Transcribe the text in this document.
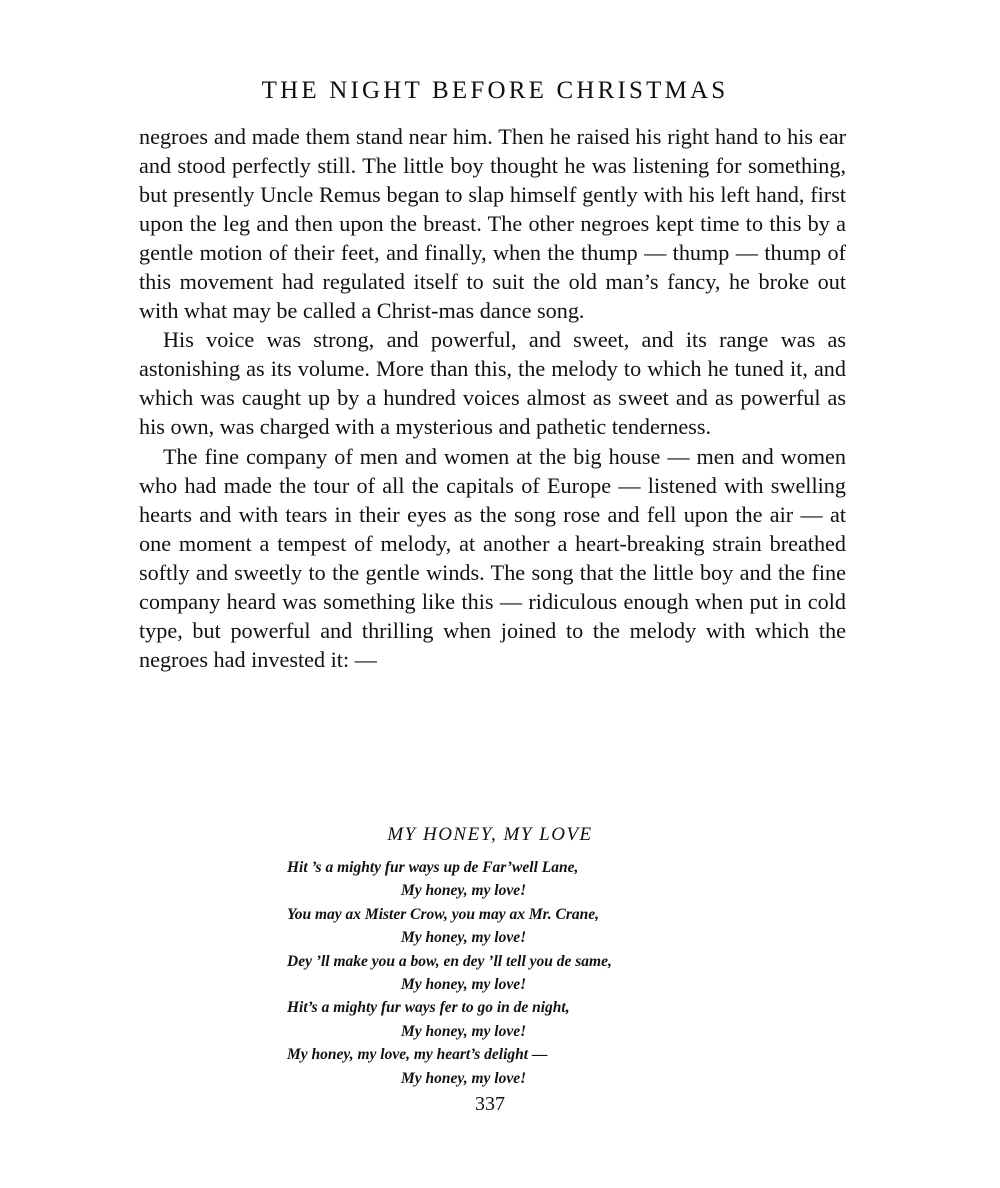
THE NIGHT BEFORE CHRISTMAS

negroes and made them stand near him. Then he raised his right hand to his ear and stood perfectly still. The little boy thought he was listening for something, but presently Uncle Remus began to slap himself gently with his left hand, first upon the leg and then upon the breast. The other negroes kept time to this by a gentle motion of their feet, and finally, when the thump — thump — thump of this movement had regulated itself to suit the old man’s fancy, he broke out with what may be called a Christ-mas dance song.

His voice was strong, and powerful, and sweet, and its range was as astonishing as its volume. More than this, the melody to which he tuned it, and which was caught up by a hundred voices almost as sweet and as powerful as his own, was charged with a mysterious and pathetic tenderness.

The fine company of men and women at the big house — men and women who had made the tour of all the capitals of Europe — listened with swelling hearts and with tears in their eyes as the song rose and fell upon the air — at one moment a tempest of melody, at another a heart-breaking strain breathed softly and sweetly to the gentle winds. The song that the little boy and the fine company heard was something like this — ridiculous enough when put in cold type, but powerful and thrilling when joined to the melody with which the negroes had invested it: —

MY HONEY, MY LOVE
Hit ’s a mighty fur ways up de Far’well Lane,
My honey, my love!
You may ax Mister Crow, you may ax Mr. Crane,
My honey, my love!
Dey ’ll make you a bow, en dey ’ll tell you de same,
My honey, my love!
Hit’s a mighty fur ways fer to go in de night,
My honey, my love!
My honey, my love, my heart’s delight —
My honey, my love!
337
